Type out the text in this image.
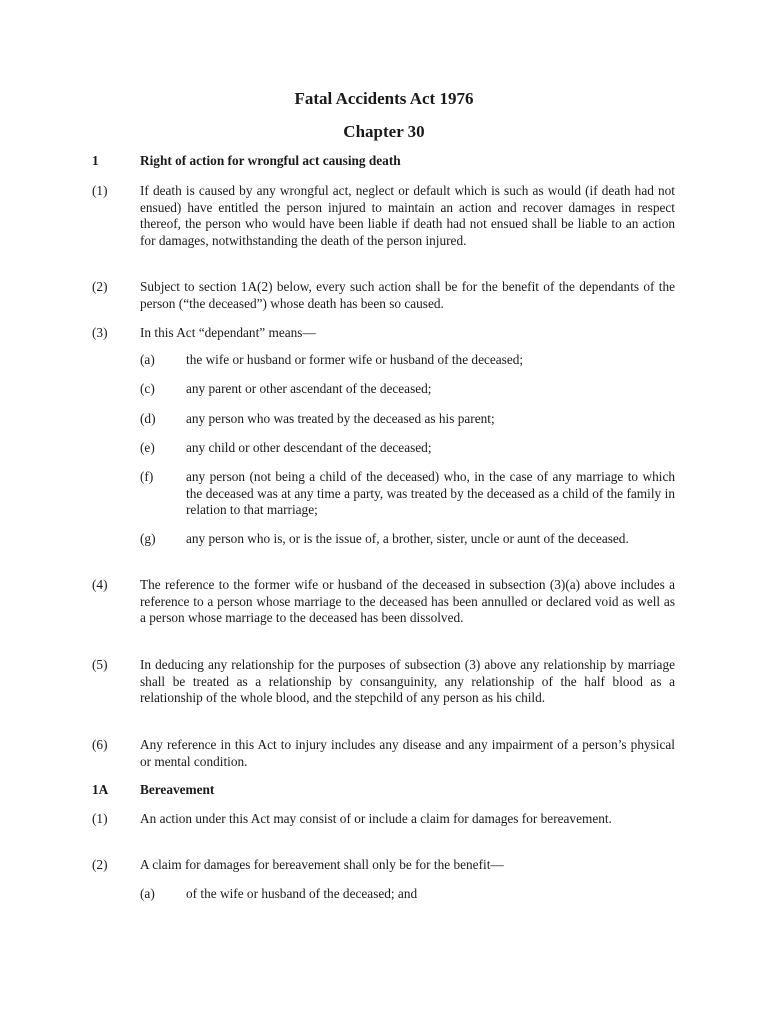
Fatal Accidents Act 1976
Chapter 30
1	Right of action for wrongful act causing death
(1) If death is caused by any wrongful act, neglect or default which is such as would (if death had not ensued) have entitled the person injured to maintain an action and recover damages in respect thereof, the person who would have been liable if death had not ensued shall be liable to an action for damages, notwithstanding the death of the person injured.
(2) Subject to section 1A(2) below, every such action shall be for the benefit of the dependants of the person (“the deceased”) whose death has been so caused.
(3) In this Act “dependant” means—
(a) the wife or husband or former wife or husband of the deceased;
(c) any parent or other ascendant of the deceased;
(d) any person who was treated by the deceased as his parent;
(e) any child or other descendant of the deceased;
(f) any person (not being a child of the deceased) who, in the case of any marriage to which the deceased was at any time a party, was treated by the deceased as a child of the family in relation to that marriage;
(g) any person who is, or is the issue of, a brother, sister, uncle or aunt of the deceased.
(4) The reference to the former wife or husband of the deceased in subsection (3)(a) above includes a reference to a person whose marriage to the deceased has been annulled or declared void as well as a person whose marriage to the deceased has been dissolved.
(5) In deducing any relationship for the purposes of subsection (3) above any relationship by marriage shall be treated as a relationship by consanguinity, any relationship of the half blood as a relationship of the whole blood, and the stepchild of any person as his child.
(6) Any reference in this Act to injury includes any disease and any impairment of a person’s physical or mental condition.
1A Bereavement
(1) An action under this Act may consist of or include a claim for damages for bereavement.
(2) A claim for damages for bereavement shall only be for the benefit—
(a) of the wife or husband of the deceased; and
